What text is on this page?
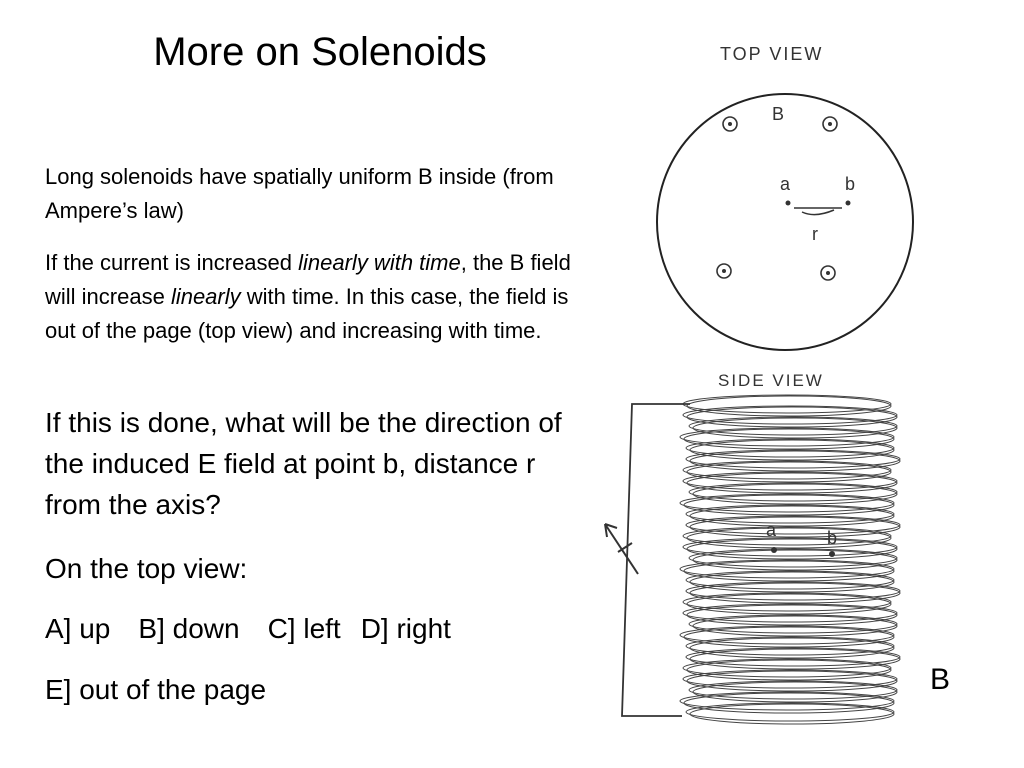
More on Solenoids
Long solenoids have spatially uniform B inside (from Ampere’s law)
If the current is increased linearly with time, the B field will increase linearly with time. In this case, the field is out of the page (top view) and increasing with time.
If this is done, what will be the direction of the induced E field at point b, distance r from the axis?
On the top view:
A] up B] down C] left D] right
E] out of the page	B
TOP VIEW
B
a	b
r
SIDE VIEW
a	b
